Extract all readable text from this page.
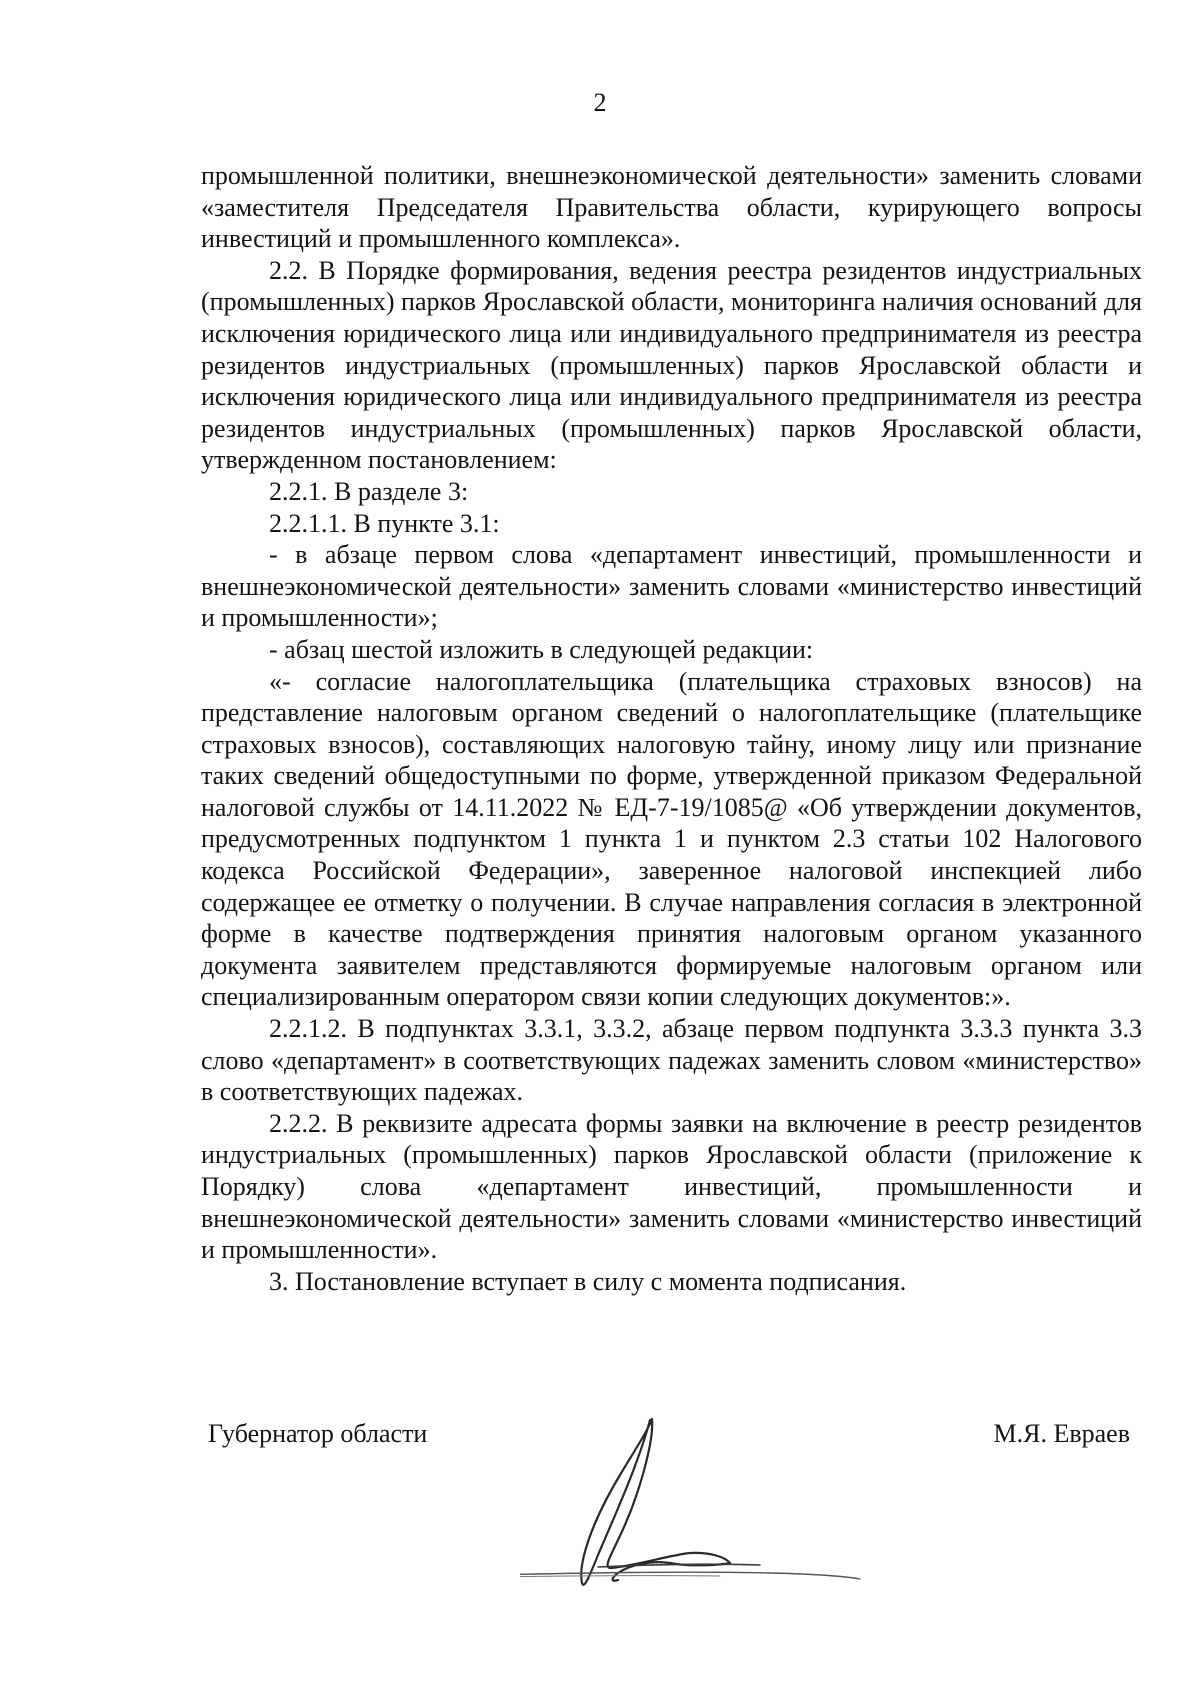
2

промышленной политики, внешнеэкономической деятельности» заменить словами «заместителя Председателя Правительства области, курирующего вопросы инвестиций и промышленного комплекса».

2.2. В Порядке формирования, ведения реестра резидентов индустриальных (промышленных) парков Ярославской области, мониторинга наличия оснований для исключения юридического лица или индивидуального предпринимателя из реестра резидентов индустриальных (промышленных) парков Ярославской области и исключения юридического лица или индивидуального предпринимателя из реестра резидентов индустриальных (промышленных) парков Ярославской области, утвержденном постановлением:

2.2.1. В разделе 3:

2.2.1.1. В пункте 3.1:

- в абзаце первом слова «департамент инвестиций, промышленности и внешнеэкономической деятельности» заменить словами «министерство инвестиций и промышленности»;

- абзац шестой изложить в следующей редакции:

«- согласие налогоплательщика (плательщика страховых взносов) на представление налоговым органом сведений о налогоплательщике (плательщике страховых взносов), составляющих налоговую тайну, иному лицу или признание таких сведений общедоступными по форме, утвержденной приказом Федеральной налоговой службы от 14.11.2022 № ЕД-7-19/1085@ «Об утверждении документов, предусмотренных подпунктом 1 пункта 1 и пунктом 2.3 статьи 102 Налогового кодекса Российской Федерации», заверенное налоговой инспекцией либо содержащее ее отметку о получении. В случае направления согласия в электронной форме в качестве подтверждения принятия налоговым органом указанного документа заявителем представляются формируемые налоговым органом или специализированным оператором связи копии следующих документов:».

2.2.1.2. В подпунктах 3.3.1, 3.3.2, абзаце первом подпункта 3.3.3 пункта 3.3 слово «департамент» в соответствующих падежах заменить словом «министерство» в соответствующих падежах.

2.2.2. В реквизите адресата формы заявки на включение в реестр резидентов индустриальных (промышленных) парков Ярославской области (приложение к Порядку) слова «департамент инвестиций, промышленности и внешнеэкономической деятельности» заменить словами «министерство инвестиций и промышленности».

3. Постановление вступает в силу с момента подписания.

Губернатор области	М.Я. Евраев
